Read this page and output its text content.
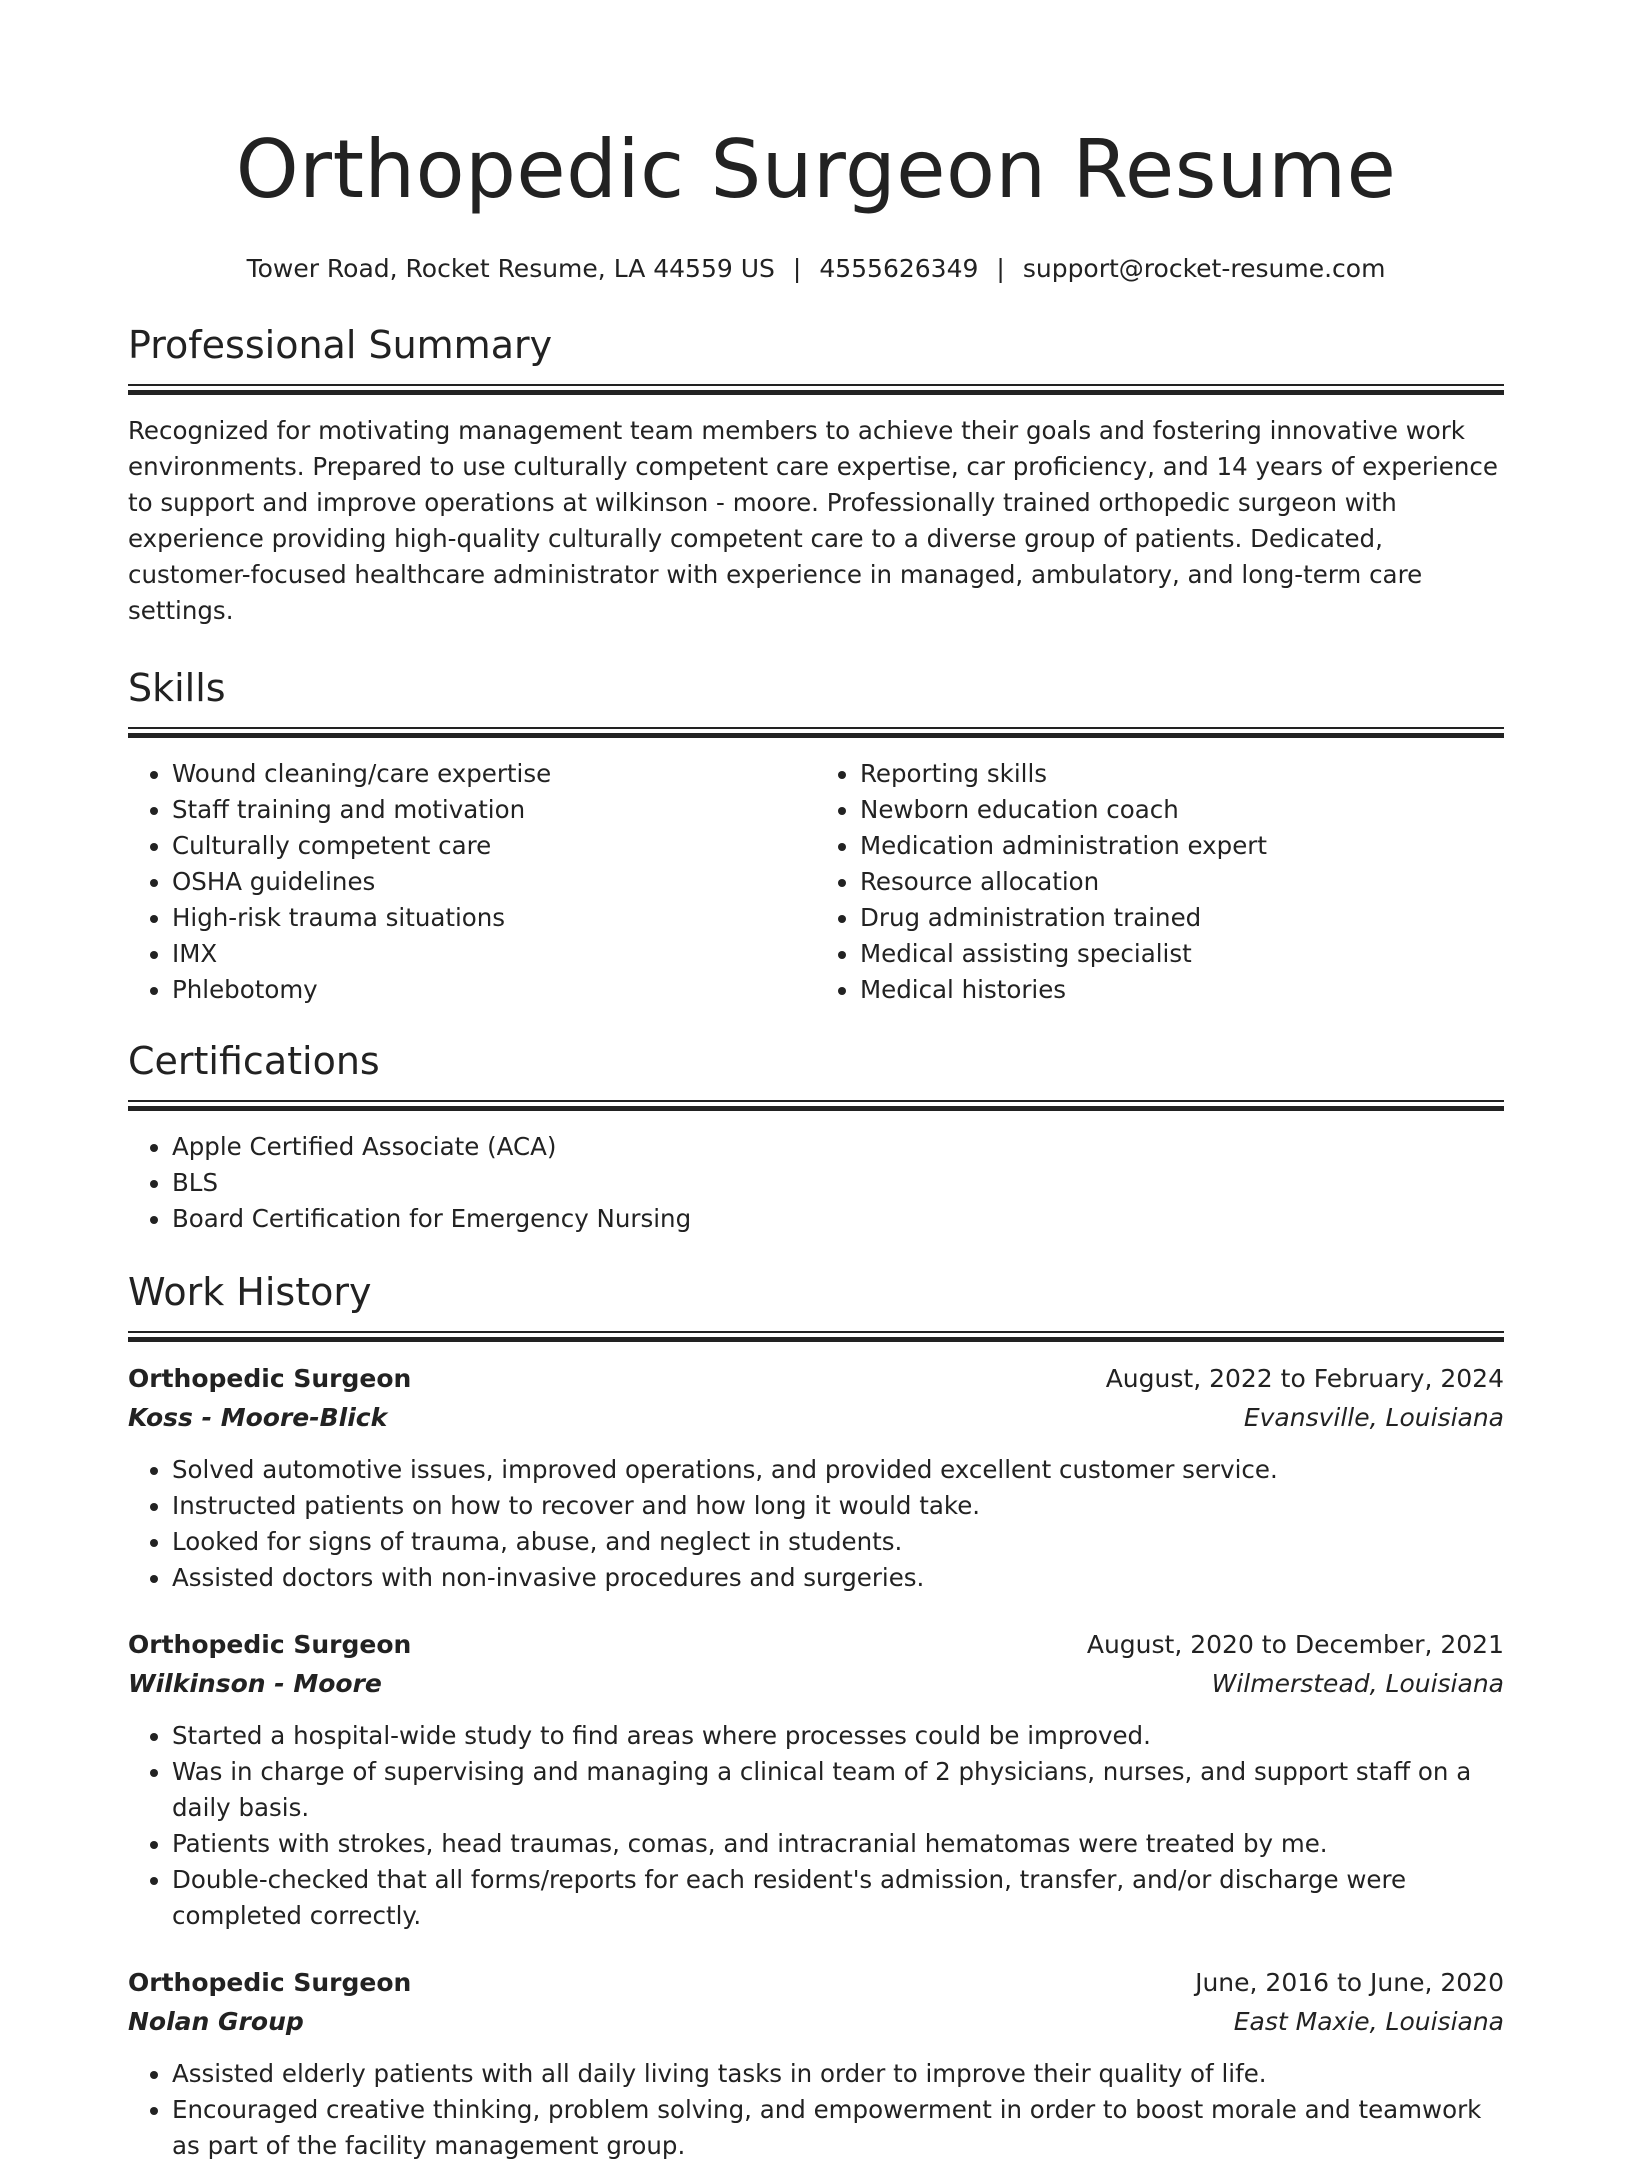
Orthopedic Surgeon Resume
Tower Road, Rocket Resume, LA 44559 US | 4555626349 | support@rocket-resume.com
Professional Summary

Recognized for motivating management team members to achieve their goals and fostering innovative work environments. Prepared to use culturally competent care expertise, car proficiency, and 14 years of experience to support and improve operations at wilkinson - moore. Professionally trained orthopedic surgeon with experience providing high-quality culturally competent care to a diverse group of patients. Dedicated, customer-focused healthcare administrator with experience in managed, ambulatory, and long-term care settings.

Skills
• Wound cleaning/care expertise
• Staff training and motivation
• Culturally competent care
• OSHA guidelines
• High-risk trauma situations
• IMX
• Phlebotomy
• Reporting skills
• Newborn education coach
• Medication administration expert
• Resource allocation
• Drug administration trained
• Medical assisting specialist
• Medical histories
Certifications
• Apple Certified Associate (ACA)
• BLS
• Board Certification for Emergency Nursing
Work History
Orthopedic Surgeon	August, 2022 to February, 2024
Koss - Moore-Blick	Evansville, Louisiana
• Solved automotive issues, improved operations, and provided excellent customer service.
• Instructed patients on how to recover and how long it would take.
• Looked for signs of trauma, abuse, and neglect in students.
• Assisted doctors with non-invasive procedures and surgeries.
Orthopedic Surgeon	August, 2020 to December, 2021
Wilkinson - Moore	Wilmerstead, Louisiana
• Started a hospital-wide study to find areas where processes could be improved.
• Was in charge of supervising and managing a clinical team of 2 physicians, nurses, and support staff on a daily basis.
• Patients with strokes, head traumas, comas, and intracranial hematomas were treated by me.
• Double-checked that all forms/reports for each resident's admission, transfer, and/or discharge were completed correctly.
Orthopedic Surgeon	June, 2016 to June, 2020
Nolan Group	East Maxie, Louisiana
• Assisted elderly patients with all daily living tasks in order to improve their quality of life.
• Encouraged creative thinking, problem solving, and empowerment in order to boost morale and teamwork as part of the facility management group.
